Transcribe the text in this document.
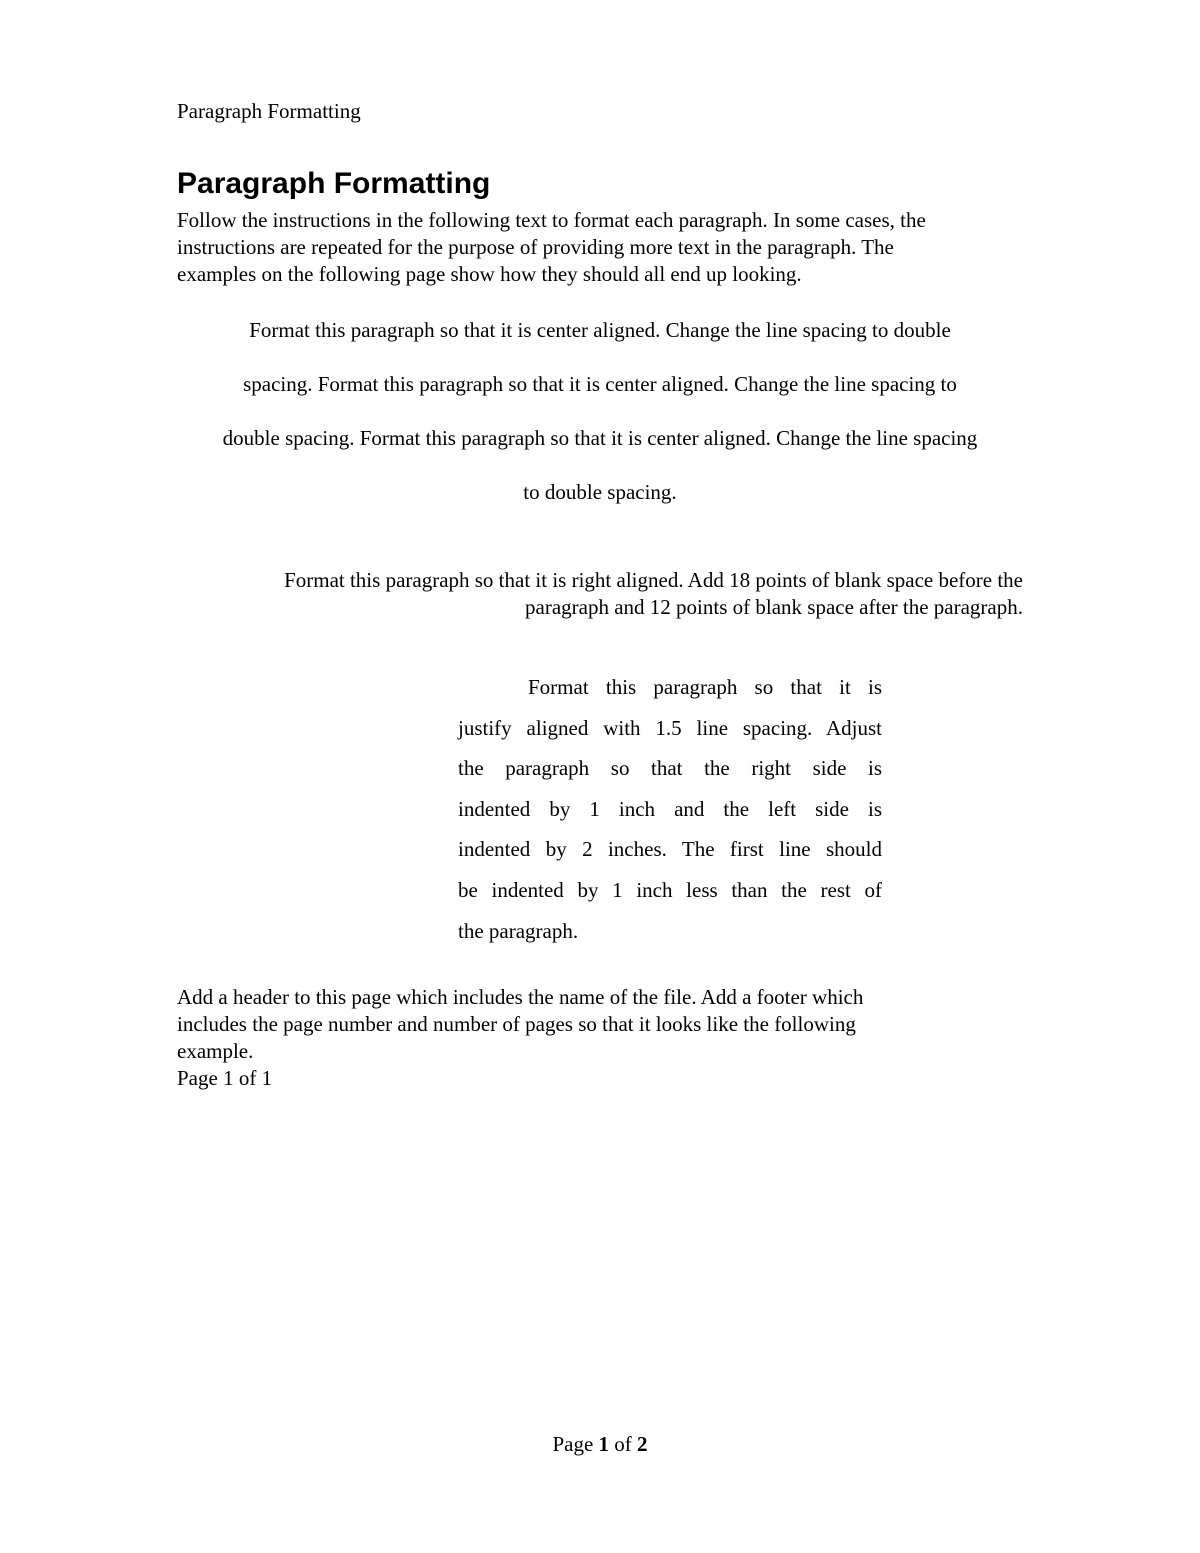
Paragraph Formatting
Paragraph Formatting

Follow the instructions in the following text to format each paragraph. In some cases, the
instructions are repeated for the purpose of providing more text in the paragraph. The
examples on the following page show how they should all end up looking.

Format this paragraph so that it is center aligned. Change the line spacing to double
spacing. Format this paragraph so that it is center aligned. Change the line spacing to
double spacing. Format this paragraph so that it is center aligned. Change the line spacing
to double spacing.

Format this paragraph so that it is right aligned. Add 18 points of blank space before the
paragraph and 12 points of blank space after the paragraph.

Format this paragraph so that it is
justify aligned with 1.5 line spacing. Adjust
the paragraph so that the right side is
indented by 1 inch and the left side is
indented by 2 inches. The first line should
be indented by 1 inch less than the rest of
the paragraph.

Add a header to this page which includes the name of the file. Add a footer which
includes the page number and number of pages so that it looks like the following
example.
Page 1 of 1

Page 1 of 2
